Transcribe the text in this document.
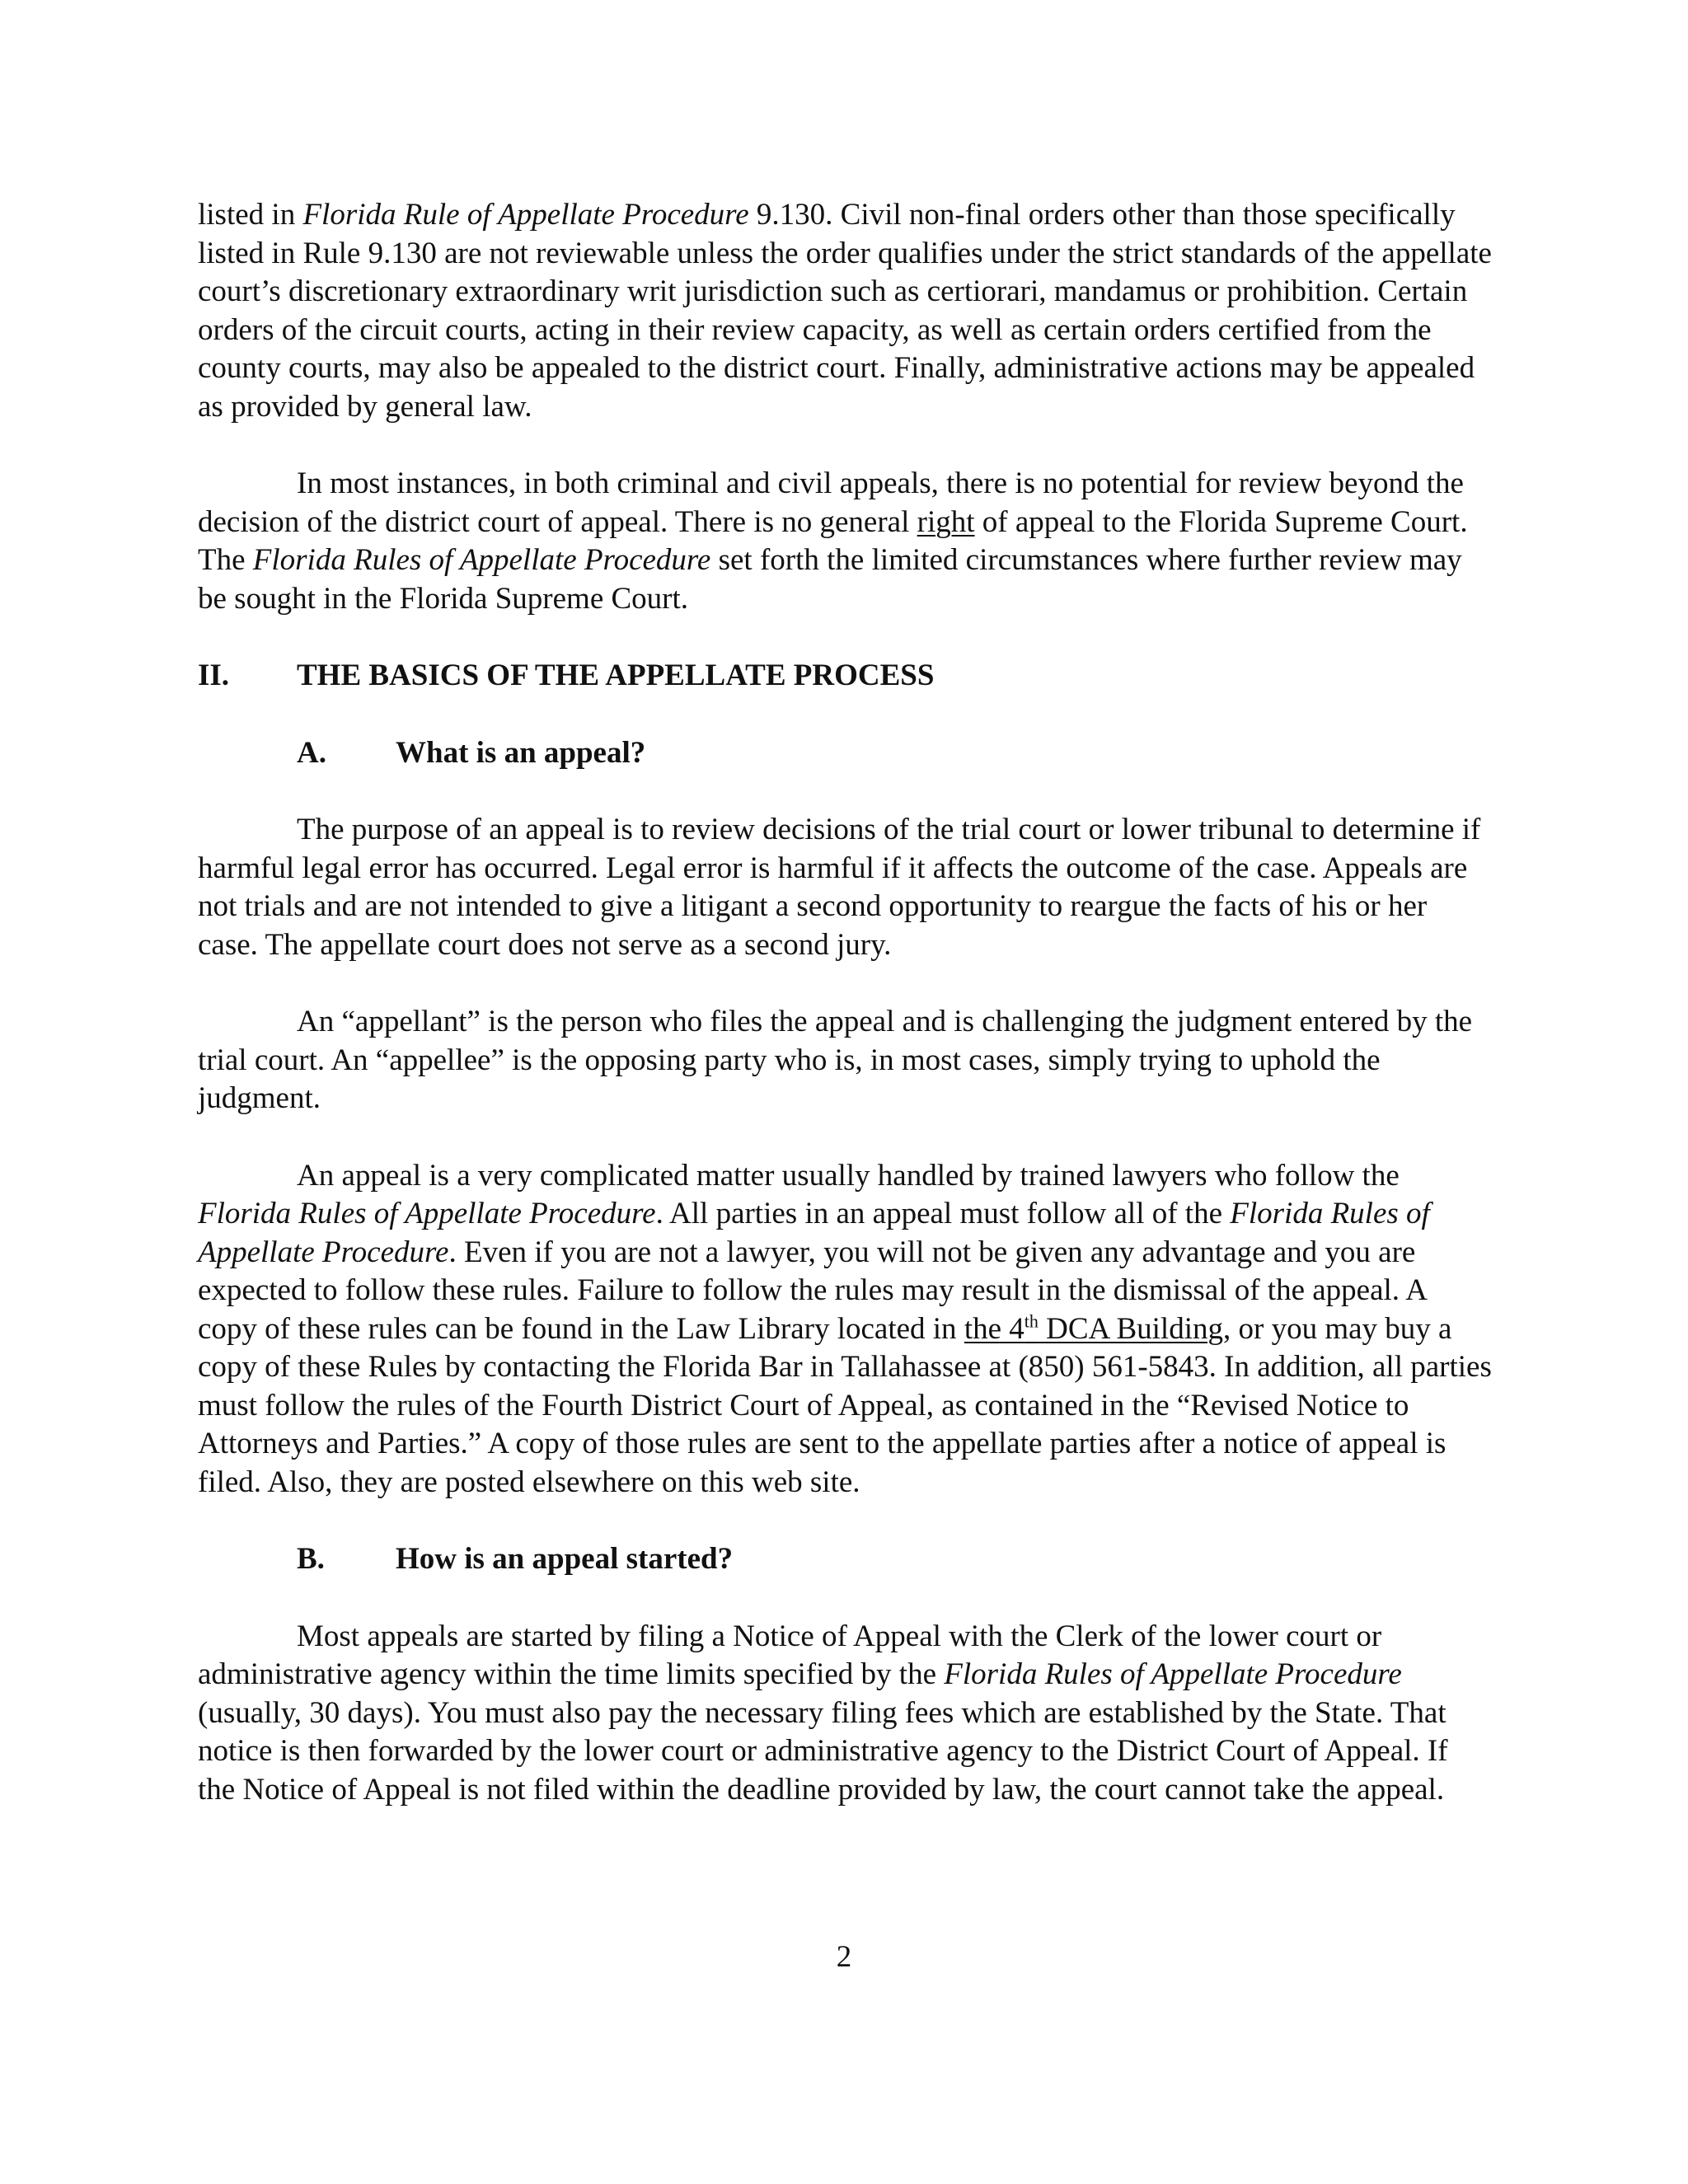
listed in Florida Rule of Appellate Procedure 9.130. Civil non-final orders other than those specifically listed in Rule 9.130 are not reviewable unless the order qualifies under the strict standards of the appellate court’s discretionary extraordinary writ jurisdiction such as certiorari, mandamus or prohibition. Certain orders of the circuit courts, acting in their review capacity, as well as certain orders certified from the county courts, may also be appealed to the district court. Finally, administrative actions may be appealed as provided by general law.

In most instances, in both criminal and civil appeals, there is no potential for review beyond the decision of the district court of appeal. There is no general right of appeal to the Florida Supreme Court. The Florida Rules of Appellate Procedure set forth the limited circumstances where further review may be sought in the Florida Supreme Court.

II.	THE BASICS OF THE APPELLATE PROCESS
A.	What is an appeal?

The purpose of an appeal is to review decisions of the trial court or lower tribunal to determine if harmful legal error has occurred. Legal error is harmful if it affects the outcome of the case. Appeals are not trials and are not intended to give a litigant a second opportunity to reargue the facts of his or her case. The appellate court does not serve as a second jury.

An “appellant” is the person who files the appeal and is challenging the judgment entered by the trial court. An “appellee” is the opposing party who is, in most cases, simply trying to uphold the judgment.

An appeal is a very complicated matter usually handled by trained lawyers who follow the Florida Rules of Appellate Procedure. All parties in an appeal must follow all of the Florida Rules of Appellate Procedure. Even if you are not a lawyer, you will not be given any advantage and you are expected to follow these rules. Failure to follow the rules may result in the dismissal of the appeal. A copy of these rules can be found in the Law Library located in the 4th DCA Building, or you may buy a copy of these Rules by contacting the Florida Bar in Tallahassee at (850) 561-5843. In addition, all parties must follow the rules of the Fourth District Court of Appeal, as contained in the “Revised Notice to Attorneys and Parties.” A copy of those rules are sent to the appellate parties after a notice of appeal is filed. Also, they are posted elsewhere on this web site.

B.	How is an appeal started?

Most appeals are started by filing a Notice of Appeal with the Clerk of the lower court or administrative agency within the time limits specified by the Florida Rules of Appellate Procedure (usually, 30 days). You must also pay the necessary filing fees which are established by the State. That notice is then forwarded by the lower court or administrative agency to the District Court of Appeal. If the Notice of Appeal is not filed within the deadline provided by law, the court cannot take the appeal.

2
